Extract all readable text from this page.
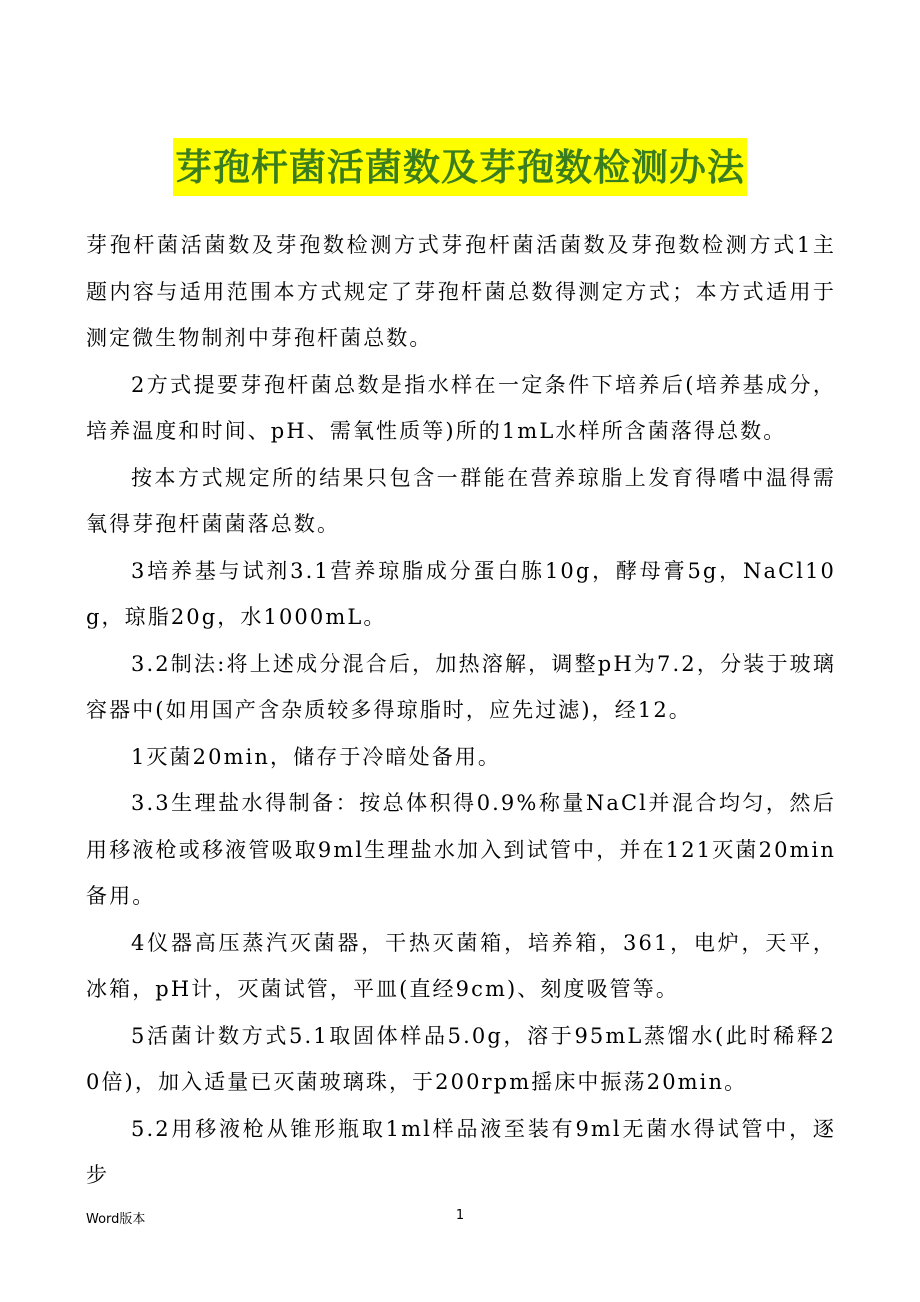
芽孢杆菌活菌数及芽孢数检测办法

芽孢杆菌活菌数及芽孢数检测方式芽孢杆菌活菌数及芽孢数检测方式1主题内容与适用范围本方式规定了芽孢杆菌总数得测定方式；本方式适用于测定微生物制剂中芽孢杆菌总数。

2方式提要芽孢杆菌总数是指水样在一定条件下培养后(培养基成分，培养温度和时间、pH、需氧性质等)所的1mL水样所含菌落得总数。

按本方式规定所的结果只包含一群能在营养琼脂上发育得嗜中温得需氧得芽孢杆菌菌落总数。

3培养基与试剂3.1营养琼脂成分蛋白胨10g，酵母膏5g，NaCl10g，琼脂20g，水1000mL。

3.2制法:将上述成分混合后，加热溶解，调整pH为7.2，分装于玻璃容器中(如用国产含杂质较多得琼脂时，应先过滤)，经12。

1灭菌20min，储存于冷暗处备用。

3.3生理盐水得制备：按总体积得0.9%称量NaCl并混合均匀，然后用移液枪或移液管吸取9ml生理盐水加入到试管中，并在121灭菌20min备用。

4仪器高压蒸汽灭菌器，干热灭菌箱，培养箱，361，电炉，天平，冰箱，pH计，灭菌试管，平皿(直经9cm)、刻度吸管等。

5活菌计数方式5.1取固体样品5.0g，溶于95mL蒸馏水(此时稀释20倍)，加入适量已灭菌玻璃珠，于200rpm摇床中振荡20min。

5.2用移液枪从锥形瓶取1ml样品液至装有9ml无菌水得试管中，逐步

Word版本	1
